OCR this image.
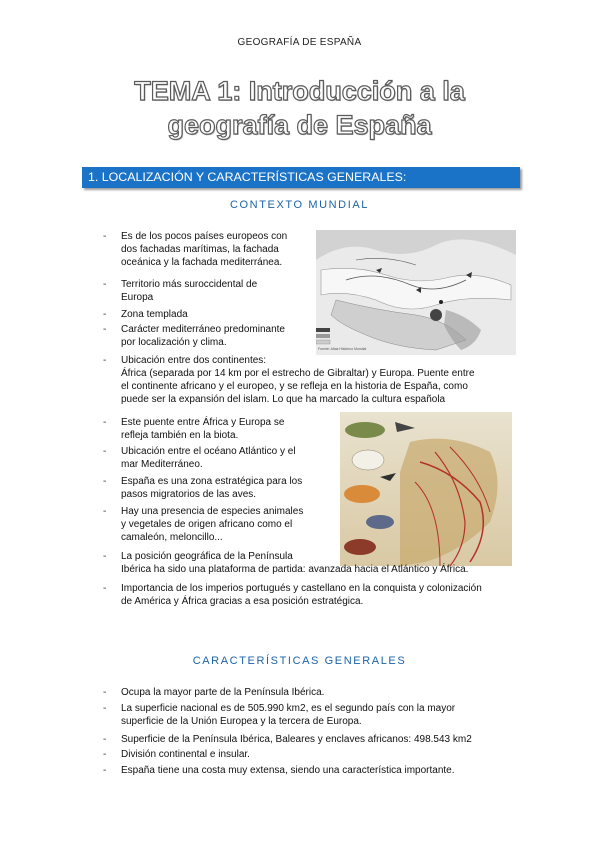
GEOGRAFÍA DE ESPAÑA
TEMA 1: Introducción a la
geografía de España
1. LOCALIZACIÓN Y CARACTERÍSTICAS GENERALES:
CONTEXTO MUNDIAL
Fuente: Atlas Histórico Mundial
- Es de los pocos países europeos con
dos fachadas marítimas, la fachada
oceánica y la fachada mediterránea.
- Territorio más suroccidental de
Europa
- Zona templada
- Carácter mediterráneo predominante
por localización y clima.
- Ubicación entre dos continentes:
África (separada por 14 km por el estrecho de Gibraltar) y Europa. Puente entre
el continente africano y el europeo, y se refleja en la historia de España, como
puede ser la expansión del islam. Lo que ha marcado la cultura española
- Este puente entre África y Europa se
refleja también en la biota.
- Ubicación entre el océano Atlántico y el
mar Mediterráneo.
- España es una zona estratégica para los
pasos migratorios de las aves.
- Hay una presencia de especies animales
y vegetales de origen africano como el
camaleón, meloncillo...
- La posición geográfica de la Península
Ibérica ha sido una plataforma de partida: avanzada hacia el Atlántico y África.
- Importancia de los imperios portugués y castellano en la conquista y colonización
de América y África gracias a esa posición estratégica.
CARACTERÍSTICAS GENERALES
- Ocupa la mayor parte de la Península Ibérica.
- La superficie nacional es de 505.990 km2, es el segundo país con la mayor
superficie de la Unión Europea y la tercera de Europa.
- Superficie de la Península Ibérica, Baleares y enclaves africanos: 498.543 km2
- División continental e insular.
- España tiene una costa muy extensa, siendo una característica importante.
